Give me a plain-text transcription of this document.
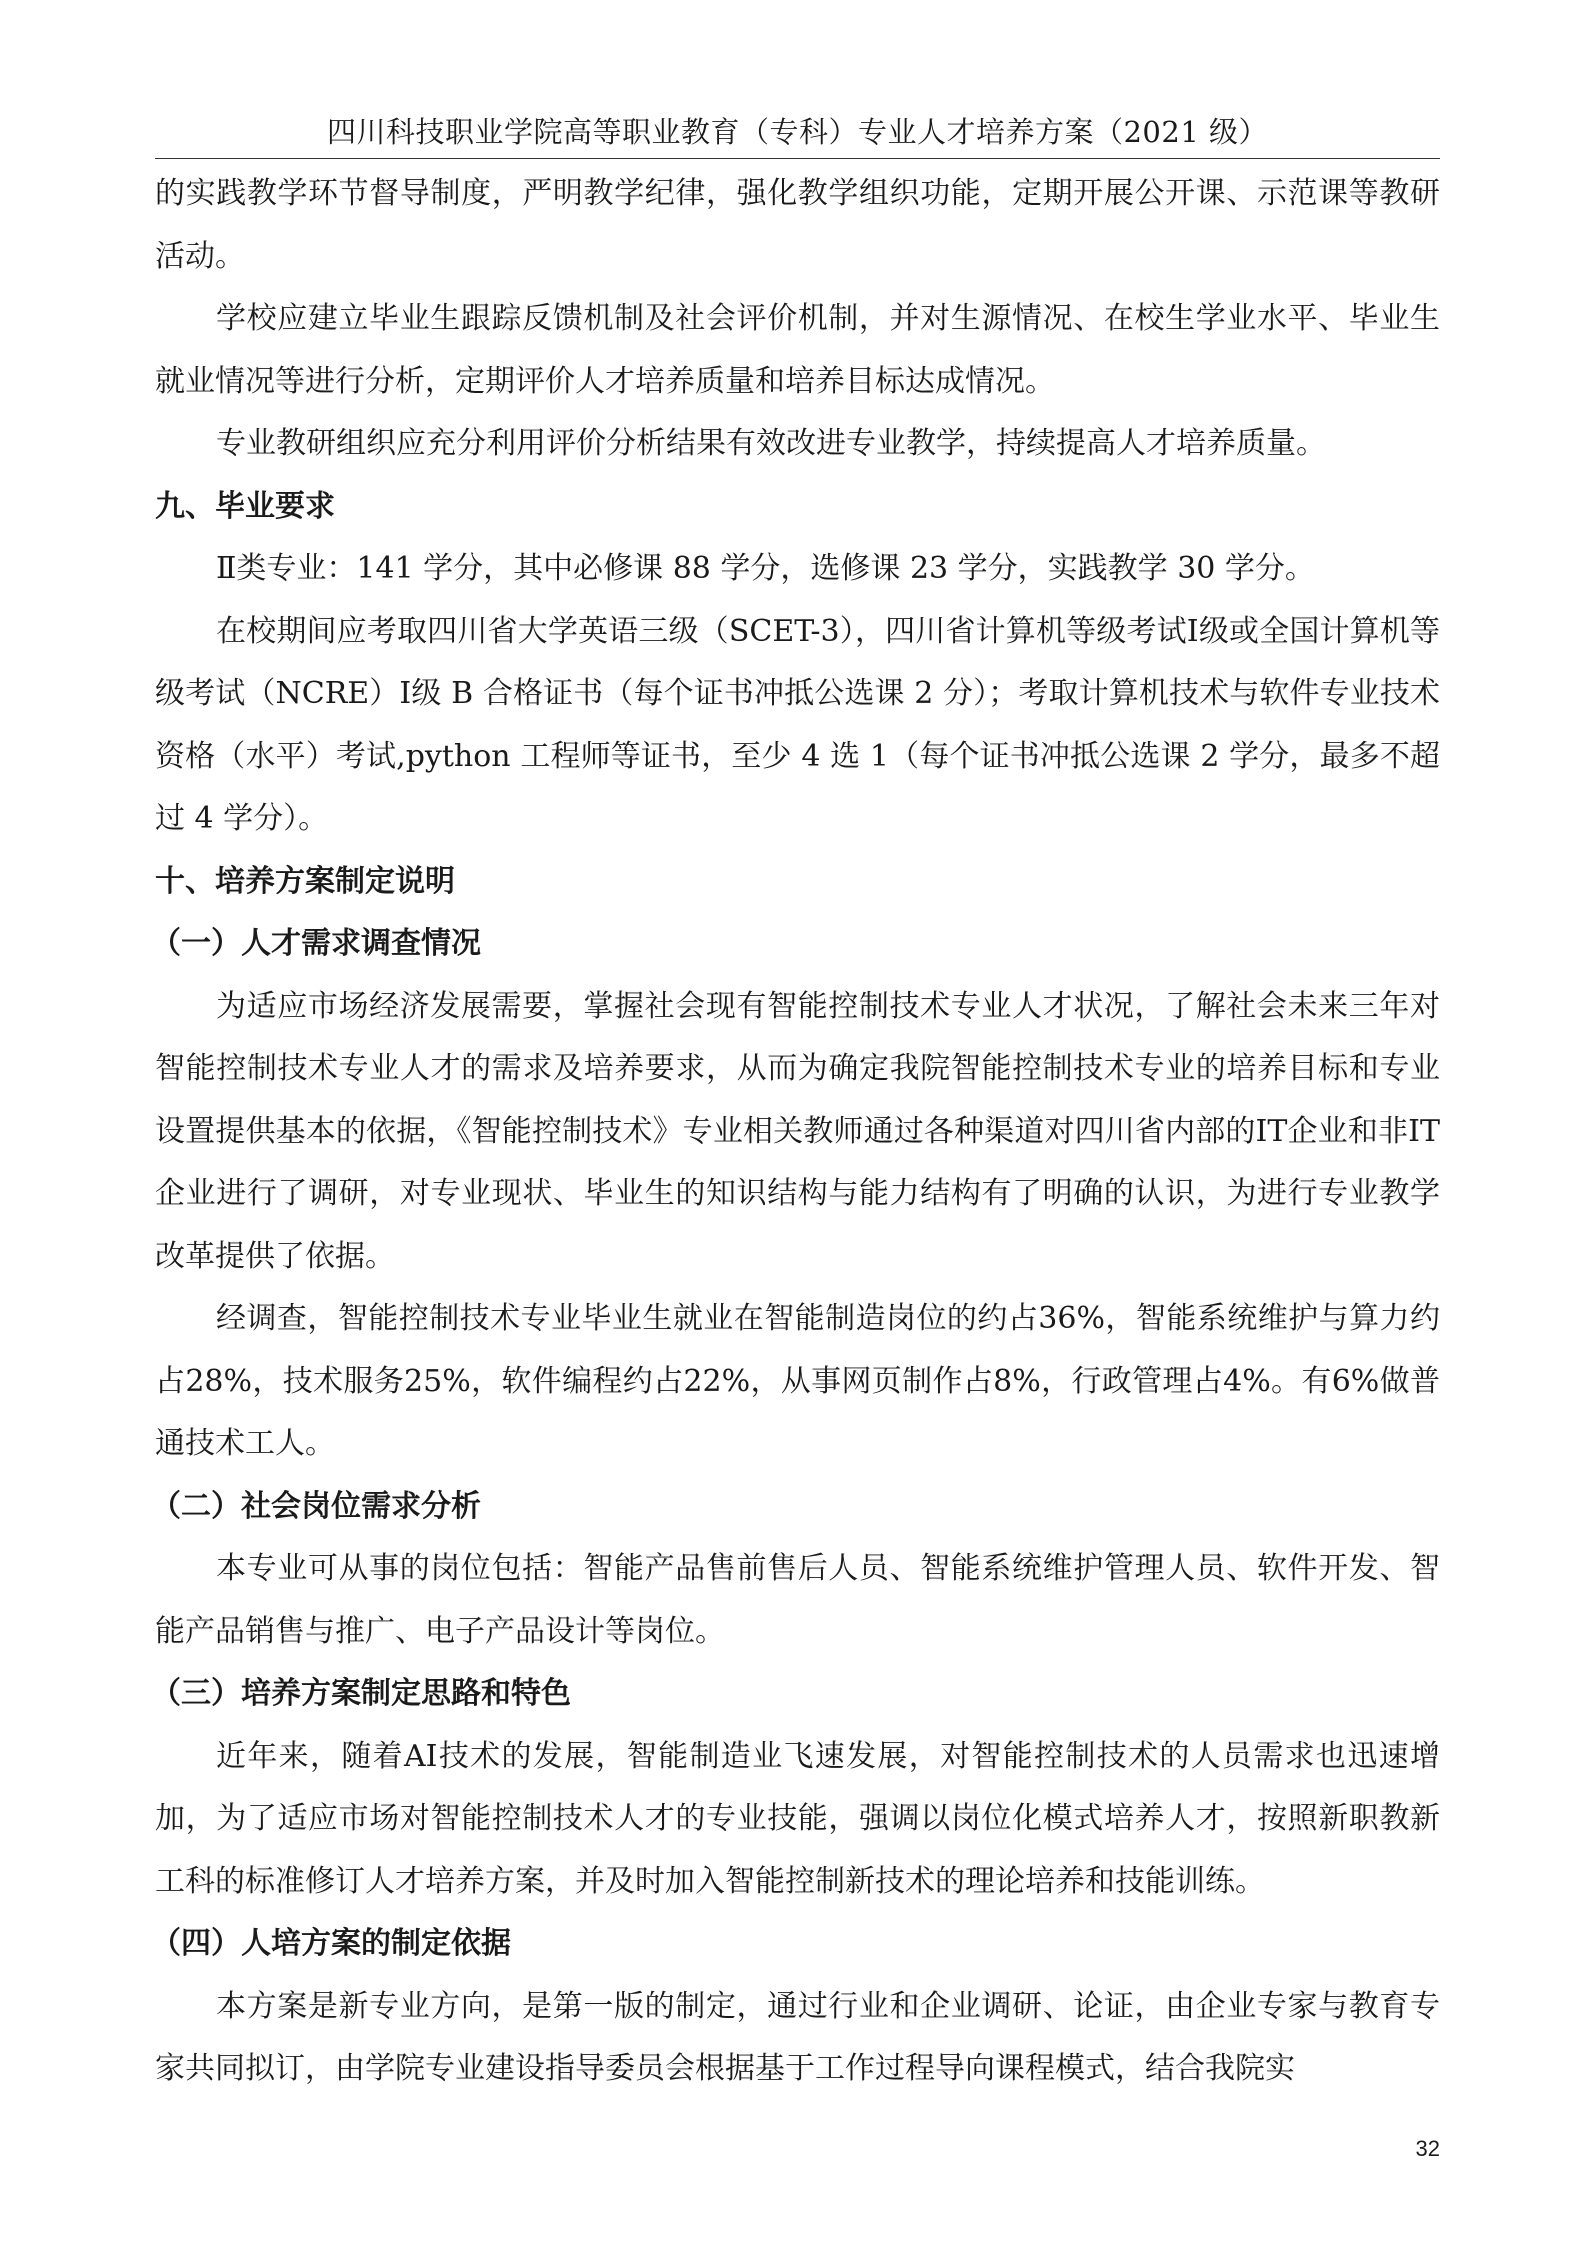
四川科技职业学院高等职业教育（专科）专业人才培养方案（2021 级）

的实践教学环节督导制度，严明教学纪律，强化教学组织功能，定期开展公开课、示范课等教研活动。

学校应建立毕业生跟踪反馈机制及社会评价机制，并对生源情况、在校生学业水平、毕业生就业情况等进行分析，定期评价人才培养质量和培养目标达成情况。

专业教研组织应充分利用评价分析结果有效改进专业教学，持续提高人才培养质量。

九、毕业要求

Ⅱ类专业：141 学分，其中必修课 88 学分，选修课 23 学分，实践教学 30 学分。

在校期间应考取四川省大学英语三级（SCET-3），四川省计算机等级考试Ⅰ级或全国计算机等级考试（NCRE）Ⅰ级 B 合格证书（每个证书冲抵公选课 2 分）；考取计算机技术与软件专业技术资格（水平）考试,python 工程师等证书，至少 4 选 1（每个证书冲抵公选课 2 学分，最多不超过 4 学分）。

十、培养方案制定说明

（一）人才需求调查情况

为适应市场经济发展需要，掌握社会现有智能控制技术专业人才状况，了解社会未来三年对智能控制技术专业人才的需求及培养要求，从而为确定我院智能控制技术专业的培养目标和专业设置提供基本的依据，《智能控制技术》专业相关教师通过各种渠道对四川省内部的IT企业和非IT企业进行了调研，对专业现状、毕业生的知识结构与能力结构有了明确的认识，为进行专业教学改革提供了依据。

经调查，智能控制技术专业毕业生就业在智能制造岗位的约占36%，智能系统维护与算力约占28%，技术服务25%，软件编程约占22%，从事网页制作占8%，行政管理占4%。有6%做普通技术工人。

（二）社会岗位需求分析

本专业可从事的岗位包括：智能产品售前售后人员、智能系统维护管理人员、软件开发、智能产品销售与推广、电子产品设计等岗位。

（三）培养方案制定思路和特色

近年来，随着AI技术的发展，智能制造业飞速发展，对智能控制技术的人员需求也迅速增加，为了适应市场对智能控制技术人才的专业技能，强调以岗位化模式培养人才，按照新职教新工科的标准修订人才培养方案，并及时加入智能控制新技术的理论培养和技能训练。

（四）人培方案的制定依据

本方案是新专业方向，是第一版的制定，通过行业和企业调研、论证，由企业专家与教育专家共同拟订，由学院专业建设指导委员会根据基于工作过程导向课程模式，结合我院实

32
